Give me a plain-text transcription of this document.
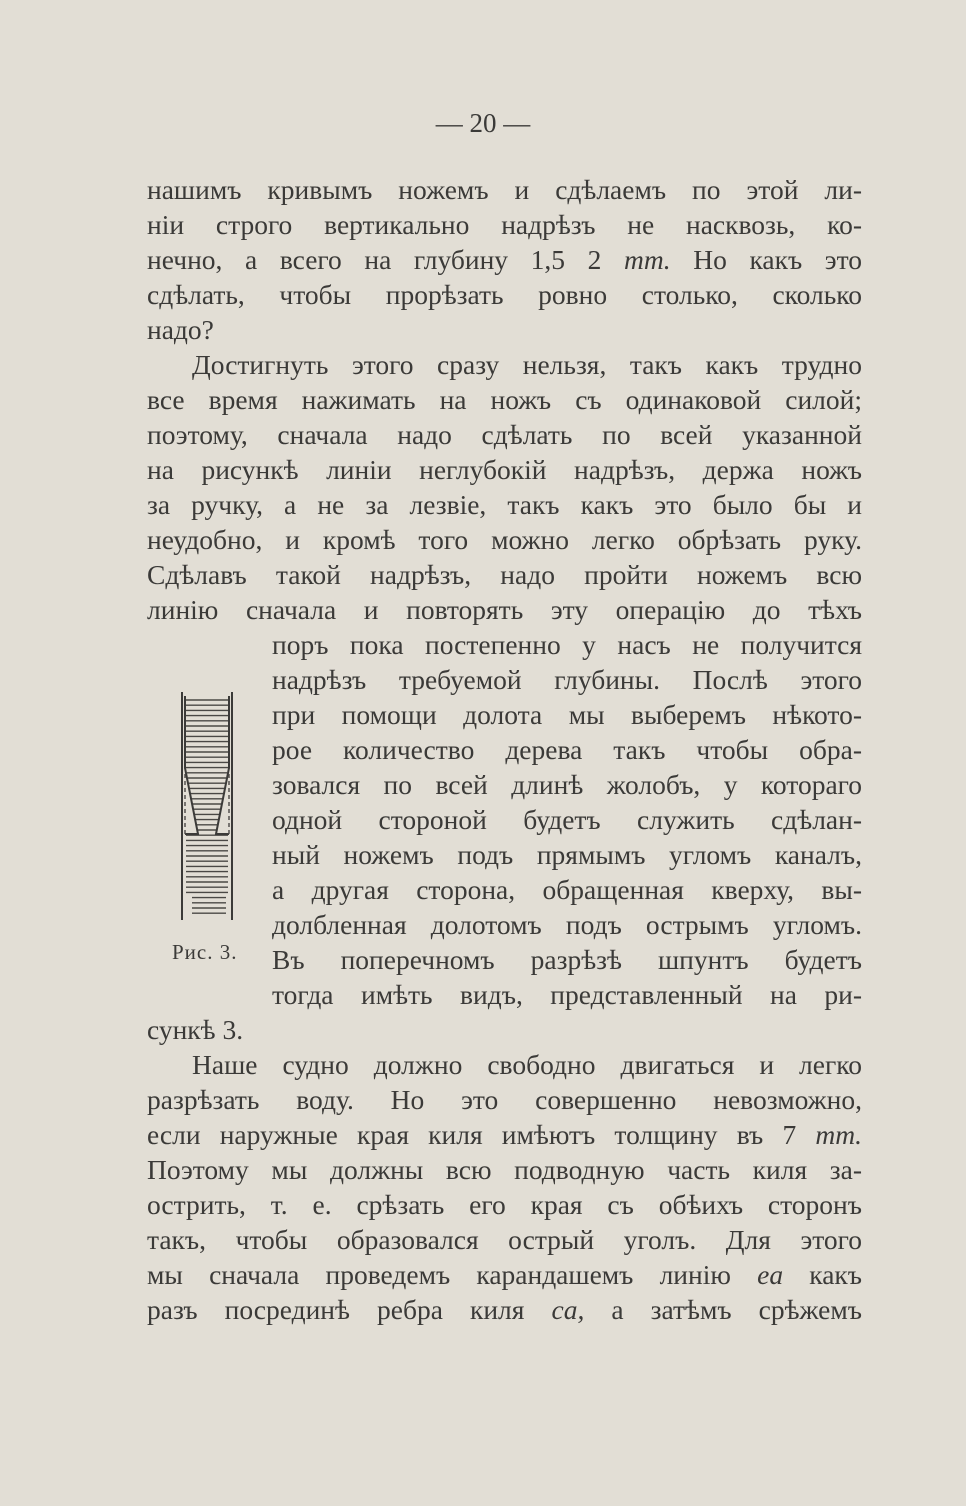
— 20 —
нашимъ кривымъ ножемъ и сдѣлаемъ по этой ли-
ніи строго вертикально надрѣзъ не насквозь, ко-
нечно, а всего на глубину 1,5 2 mm. Но какъ это
сдѣлать, чтобы прорѣзать ровно столько, сколько
надо?
Достигнуть этого сразу нельзя, такъ какъ трудно
все время нажимать на ножъ съ одинаковой силой;
поэтому, сначала надо сдѣлать по всей указанной
на рисункѣ линіи неглубокій надрѣзъ, держа ножъ
за ручку, а не за лезвіе, такъ какъ это было бы и
неудобно, и кромѣ того можно легко обрѣзать руку.
Сдѣлавъ такой надрѣзъ, надо пройти ножемъ всю
линію сначала и повторять эту операцію до тѣхъ
поръ пока постепенно у насъ не получится
надрѣзъ требуемой глубины. Послѣ этого
при помощи долота мы выберемъ нѣкото-
рое количество дерева такъ чтобы обра-
зовался по всей длинѣ жолобъ, у котораго
одной стороной будетъ служить сдѣлан-
ный ножемъ подъ прямымъ угломъ каналъ,
а другая сторона, обращенная кверху, вы-
долбленная долотомъ подъ острымъ угломъ.
Въ поперечномъ разрѣзѣ шпунтъ будетъ
тогда имѣть видъ, представленный на ри-
сункѣ 3.
Наше судно должно свободно двигаться и легко
разрѣзать воду. Но это совершенно невозможно,
если наружные края киля имѣютъ толщину въ 7 mm.
Поэтому мы должны всю подводную часть киля за-
острить, т. е. срѣзать его края съ обѣихъ сторонъ
такъ, чтобы образовался острый уголъ. Для этого
мы сначала проведемъ карандашемъ линію ea какъ
разъ посрединѣ ребра киля ca, а затѣмъ срѣжемъ
Рис. 3.
